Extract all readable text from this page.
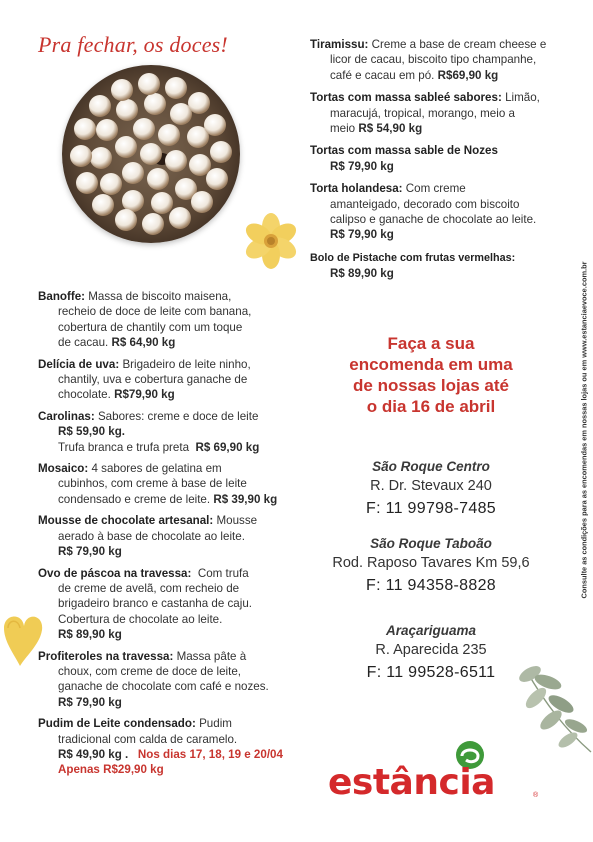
Pra fechar, os doces!
Banoffe: Massa de biscoito maisena,
recheio de doce de leite com banana,
cobertura de chantily com um toque
de cacau. R$ 64,90 kg
Delícia de uva: Brigadeiro de leite ninho,
chantily, uva e cobertura ganache de
chocolate. R$79,90 kg
Carolinas: Sabores: creme e doce de leite
R$ 59,90 kg.
Trufa branca e trufa preta R$ 69,90 kg
Mosaico: 4 sabores de gelatina em
cubinhos, com creme à base de leite
condensado e creme de leite. R$ 39,90 kg
Mousse de chocolate artesanal: Mousse
aerado à base de chocolate ao leite.
R$ 79,90 kg
Ovo de páscoa na travessa: Com trufa
de creme de avelã, com recheio de
brigadeiro branco e castanha de caju.
Cobertura de chocolate ao leite.
R$ 89,90 kg
Profiteroles na travessa: Massa pâte à
choux, com creme de doce de leite,
ganache de chocolate com café e nozes.
R$ 79,90 kg
Pudim de Leite condensado: Pudim
tradicional com calda de caramelo.
R$ 49,90 kg . Nos dias 17, 18, 19 e 20/04
Apenas R$29,90 kg
Tiramissu: Creme a base de cream cheese e
licor de cacau, biscoito tipo champanhe,
café e cacau em pó. R$69,90 kg
Tortas com massa sableé sabores: Limão,
maracujá, tropical, morango, meio a
meio R$ 54,90 kg
Tortas com massa sable de Nozes
R$ 79,90 kg
Torta holandesa: Com creme
amanteigado, decorado com biscoito
calipso e ganache de chocolate ao leite.
R$ 79,90 kg
Bolo de Pistache com frutas vermelhas:
R$ 89,90 kg
Faça a sua
encomenda em uma
de nossas lojas até
o dia 16 de abril
São Roque Centro
R. Dr. Stevaux 240
F: 11 99798-7485
São Roque Taboão
Rod. Raposo Tavares Km 59,6
F: 11 94358-8828
Araçariguama
R. Aparecida 235
F: 11 99528-6511
estância	®
Consulte as condições para as encomendas em nossas lojas ou em www.estanciaevoce.com.br
